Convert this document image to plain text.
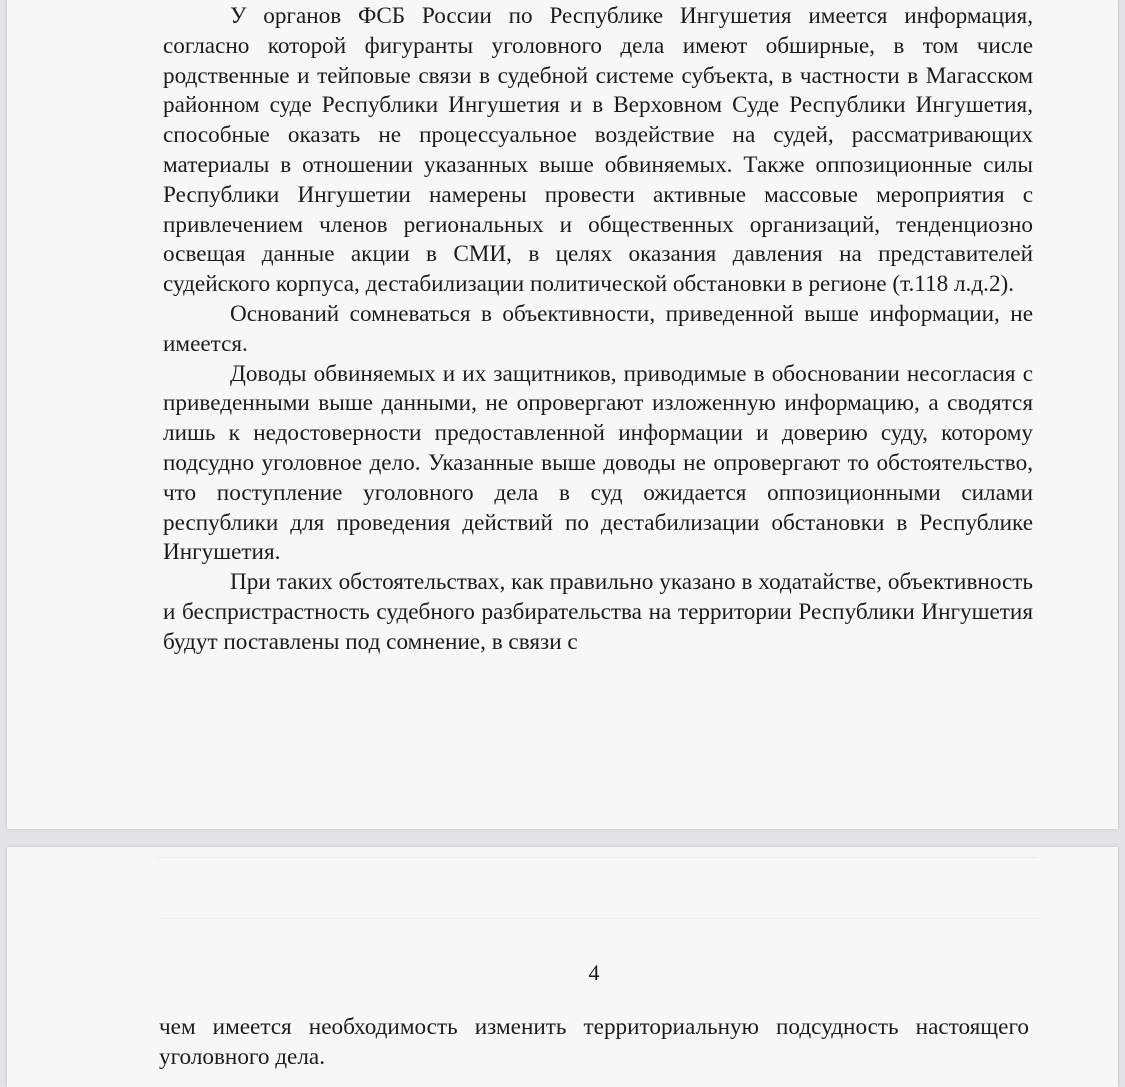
У органов ФСБ России по Республике Ингушетия имеется информация, согласно которой фигуранты уголовного дела имеют обширные, в том числе родственные и тейповые связи в судебной системе субъекта, в частности в Магасском районном суде Республики Ингушетия и в Верховном Суде Республики Ингушетия, способные оказать не процессуальное воздействие на судей, рассматривающих материалы в отношении указанных выше обвиняемых. Также оппозиционные силы Республики Ингушетии намерены провести активные массовые мероприятия с привлечением членов региональных и общественных организаций, тенденциозно освещая данные акции в СМИ, в целях оказания давления на представителей судейского корпуса, дестабилизации политической обстановки в регионе (т.118 л.д.2).

Оснований сомневаться в объективности, приведенной выше информации, не имеется.

Доводы обвиняемых и их защитников, приводимые в обосновании несогласия с приведенными выше данными, не опровергают изложенную информацию, а сводятся лишь к недостоверности предоставленной информации и доверию суду, которому подсудно уголовное дело. Указанные выше доводы не опровергают то обстоятельство, что поступление уголовного дела в суд ожидается оппозиционными силами республики для проведения действий по дестабилизации обстановки в Республике Ингушетия.

При таких обстоятельствах, как правильно указано в ходатайстве, объективность и беспристрастность судебного разбирательства на территории Республики Ингушетия будут поставлены под сомнение, в связи с

4

чем имеется необходимость изменить территориальную подсудность настоящего уголовного дела.
